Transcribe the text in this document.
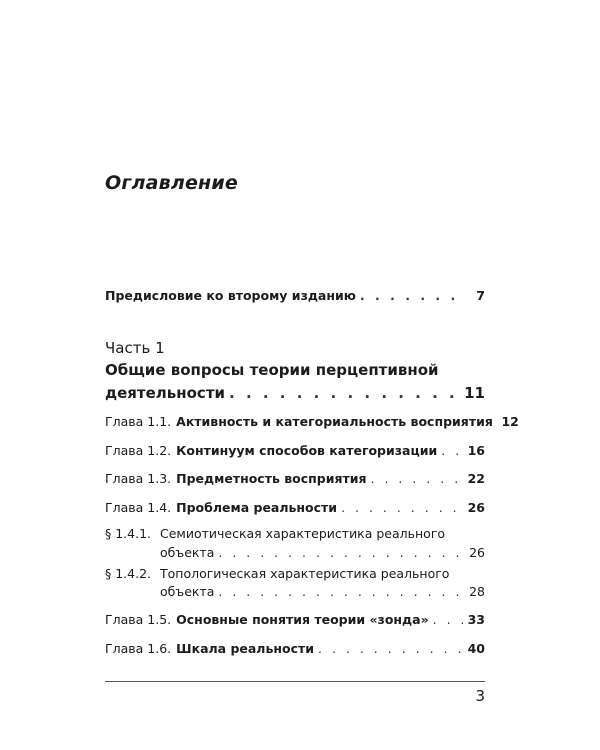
Оглавление
Предисловие ко второму изданию . . .	7
Часть 1
Общие вопросы теории перцептивной
деятельности . . .	11
Глава 1.1. Активность и категориальность восприятия 12
Глава 1.2. Континуум способов категоризации . . . 16
Глава 1.3. Предметность восприятия . . .	22
Глава 1.4. Проблема реальности . . .	26
§ 1.4.1. Семиотическая характеристика реального
объекта . . .	26
§ 1.4.2. Топологическая характеристика реального
объекта . . .	28
Глава 1.5. Основные понятия теории «зонда» . . .	33
Глава 1.6. Шкала реальности . . .	40
3
